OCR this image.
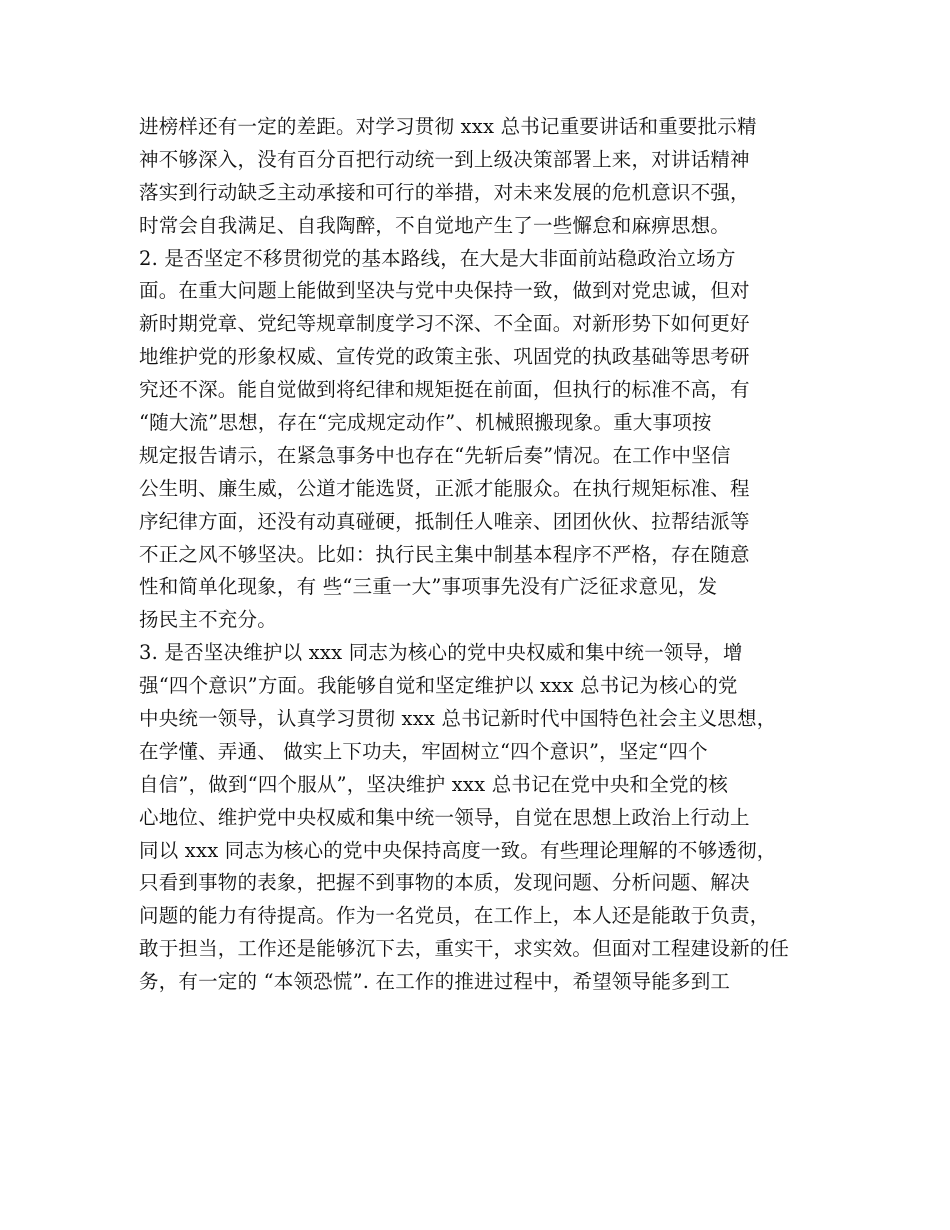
进榜样还有一定的差距。对学习贯彻 xxx 总书记重要讲话和重要批示精
神不够深入，没有百分百把行动统一到上级决策部署上来，对讲话精神
落实到行动缺乏主动承接和可行的举措，对未来发展的危机意识不强，
时常会自我满足、自我陶醉，不自觉地产生了一些懈怠和麻痹思想。
2. 是否坚定不移贯彻党的基本路线，在大是大非面前站稳政治立场方
面。在重大问题上能做到坚决与党中央保持一致，做到对党忠诚，但对
新时期党章、党纪等规章制度学习不深、不全面。对新形势下如何更好
地维护党的形象权威、宣传党的政策主张、巩固党的执政基础等思考研
究还不深。能自觉做到将纪律和规矩挺在前面，但执行的标准不高，有
“随大流”思想，存在“完成规定动作”、机械照搬现象。重大事项按
规定报告请示，在紧急事务中也存在“先斩后奏”情况。在工作中坚信
公生明、廉生威，公道才能选贤，正派才能服众。在执行规矩标准、程
序纪律方面，还没有动真碰硬，抵制任人唯亲、团团伙伙、拉帮结派等
不正之风不够坚决。比如：执行民主集中制基本程序不严格，存在随意
性和简单化现象，有 些“三重一大”事项事先没有广泛征求意见，发
扬民主不充分。
3. 是否坚决维护以 xxx 同志为核心的党中央权威和集中统一领导，增
强“四个意识”方面。我能够自觉和坚定维护以 xxx 总书记为核心的党
中央统一领导，认真学习贯彻 xxx 总书记新时代中国特色社会主义思想，
在学懂、弄通、 做实上下功夫，牢固树立“四个意识”，坚定“四个
自信”，做到“四个服从”，坚决维护 xxx 总书记在党中央和全党的核
心地位、维护党中央权威和集中统一领导，自觉在思想上政治上行动上
同以 xxx 同志为核心的党中央保持高度一致。有些理论理解的不够透彻，
只看到事物的表象，把握不到事物的本质，发现问题、分析问题、解决
问题的能力有待提高。作为一名党员，在工作上，本人还是能敢于负责，
敢于担当，工作还是能够沉下去，重实干，求实效。但面对工程建设新的任
务，有一定的 “本领恐慌”. 在工作的推进过程中，希望领导能多到工
